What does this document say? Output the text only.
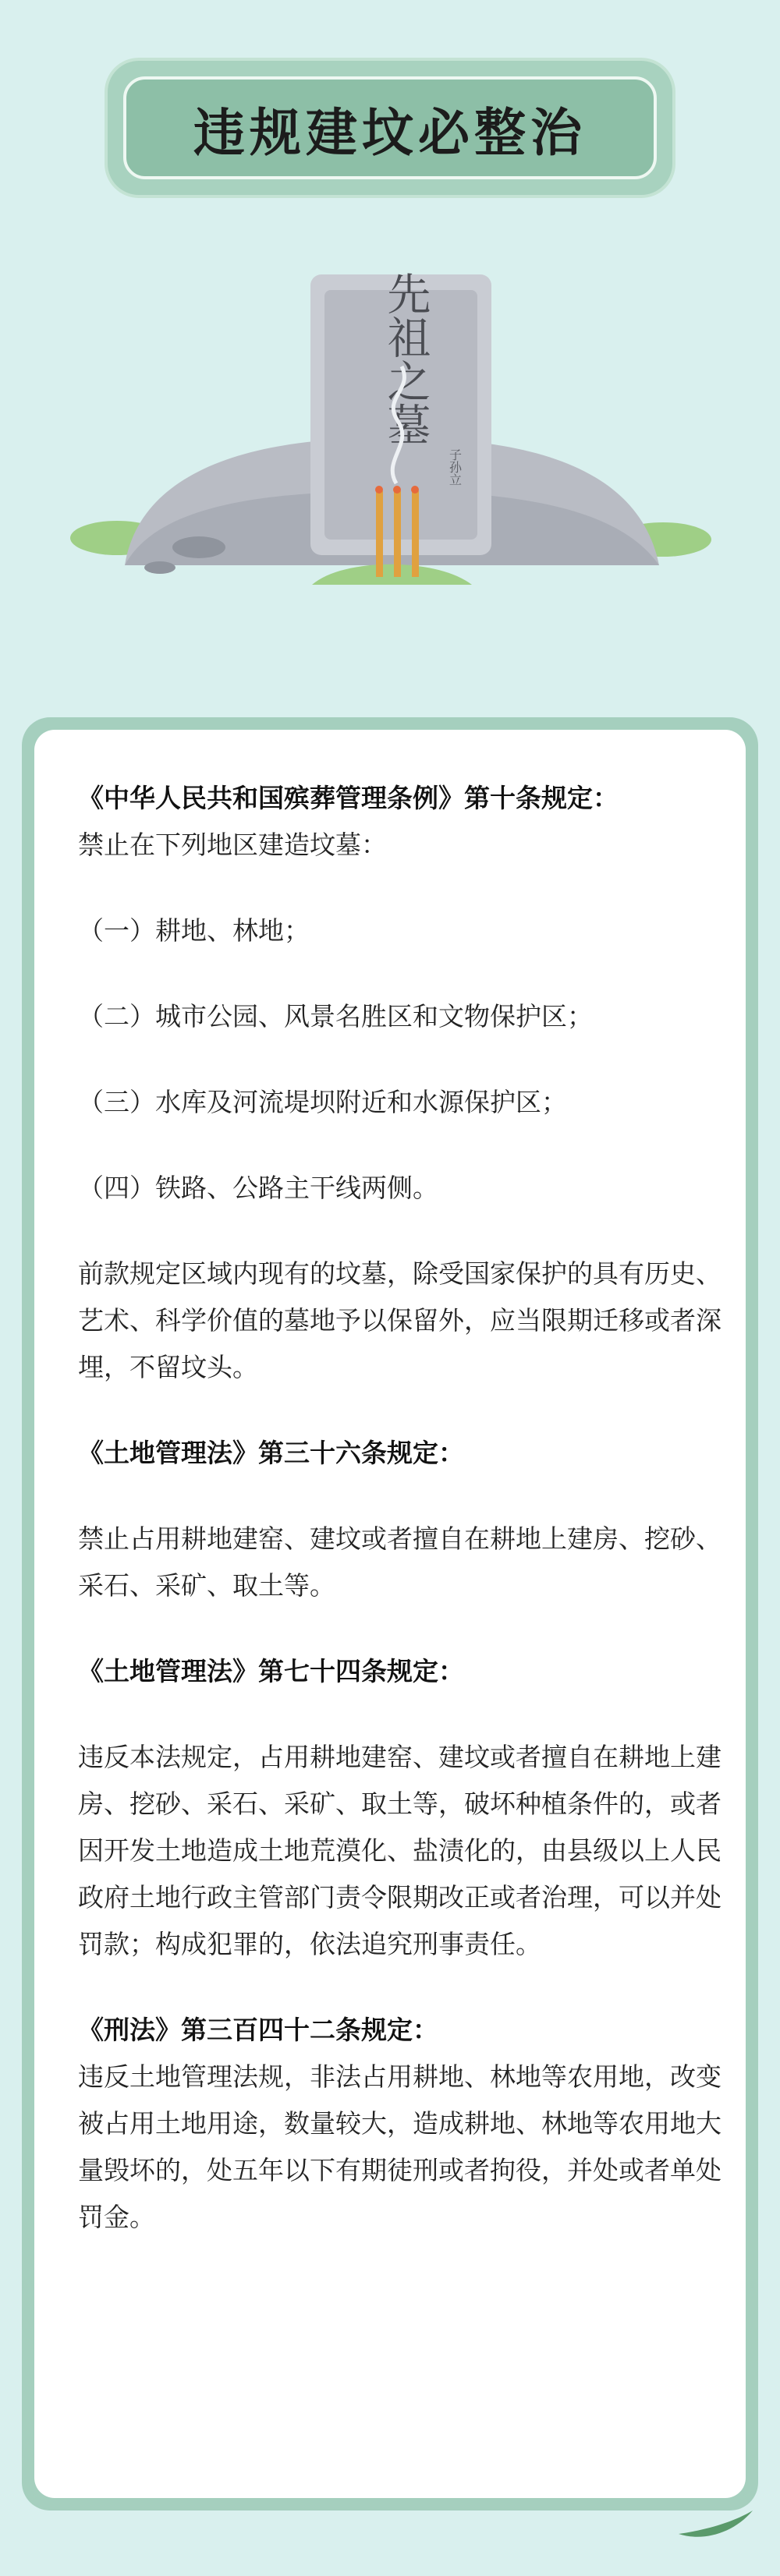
违规建坟必整治
先祖之墓
子孙立

《中华人民共和国殡葬管理条例》第十条规定：

禁止在下列地区建造坟墓：

（一）耕地、林地；

（二）城市公园、风景名胜区和文物保护区；

（三）水库及河流堤坝附近和水源保护区；

（四）铁路、公路主干线两侧。

前款规定区域内现有的坟墓，除受国家保护的具有历史、艺术、科学价值的墓地予以保留外，应当限期迁移或者深埋，不留坟头。

《土地管理法》第三十六条规定：

禁止占用耕地建窑、建坟或者擅自在耕地上建房、挖砂、采石、采矿、取土等。

《土地管理法》第七十四条规定：

违反本法规定，占用耕地建窑、建坟或者擅自在耕地上建房、挖砂、采石、采矿、取土等，破坏种植条件的，或者因开发土地造成土地荒漠化、盐渍化的，由县级以上人民政府土地行政主管部门责令限期改正或者治理，可以并处罚款；构成犯罪的，依法追究刑事责任。

《刑法》第三百四十二条规定：

违反土地管理法规，非法占用耕地、林地等农用地，改变被占用土地用途，数量较大，造成耕地、林地等农用地大量毁坏的，处五年以下有期徒刑或者拘役，并处或者单处罚金。
